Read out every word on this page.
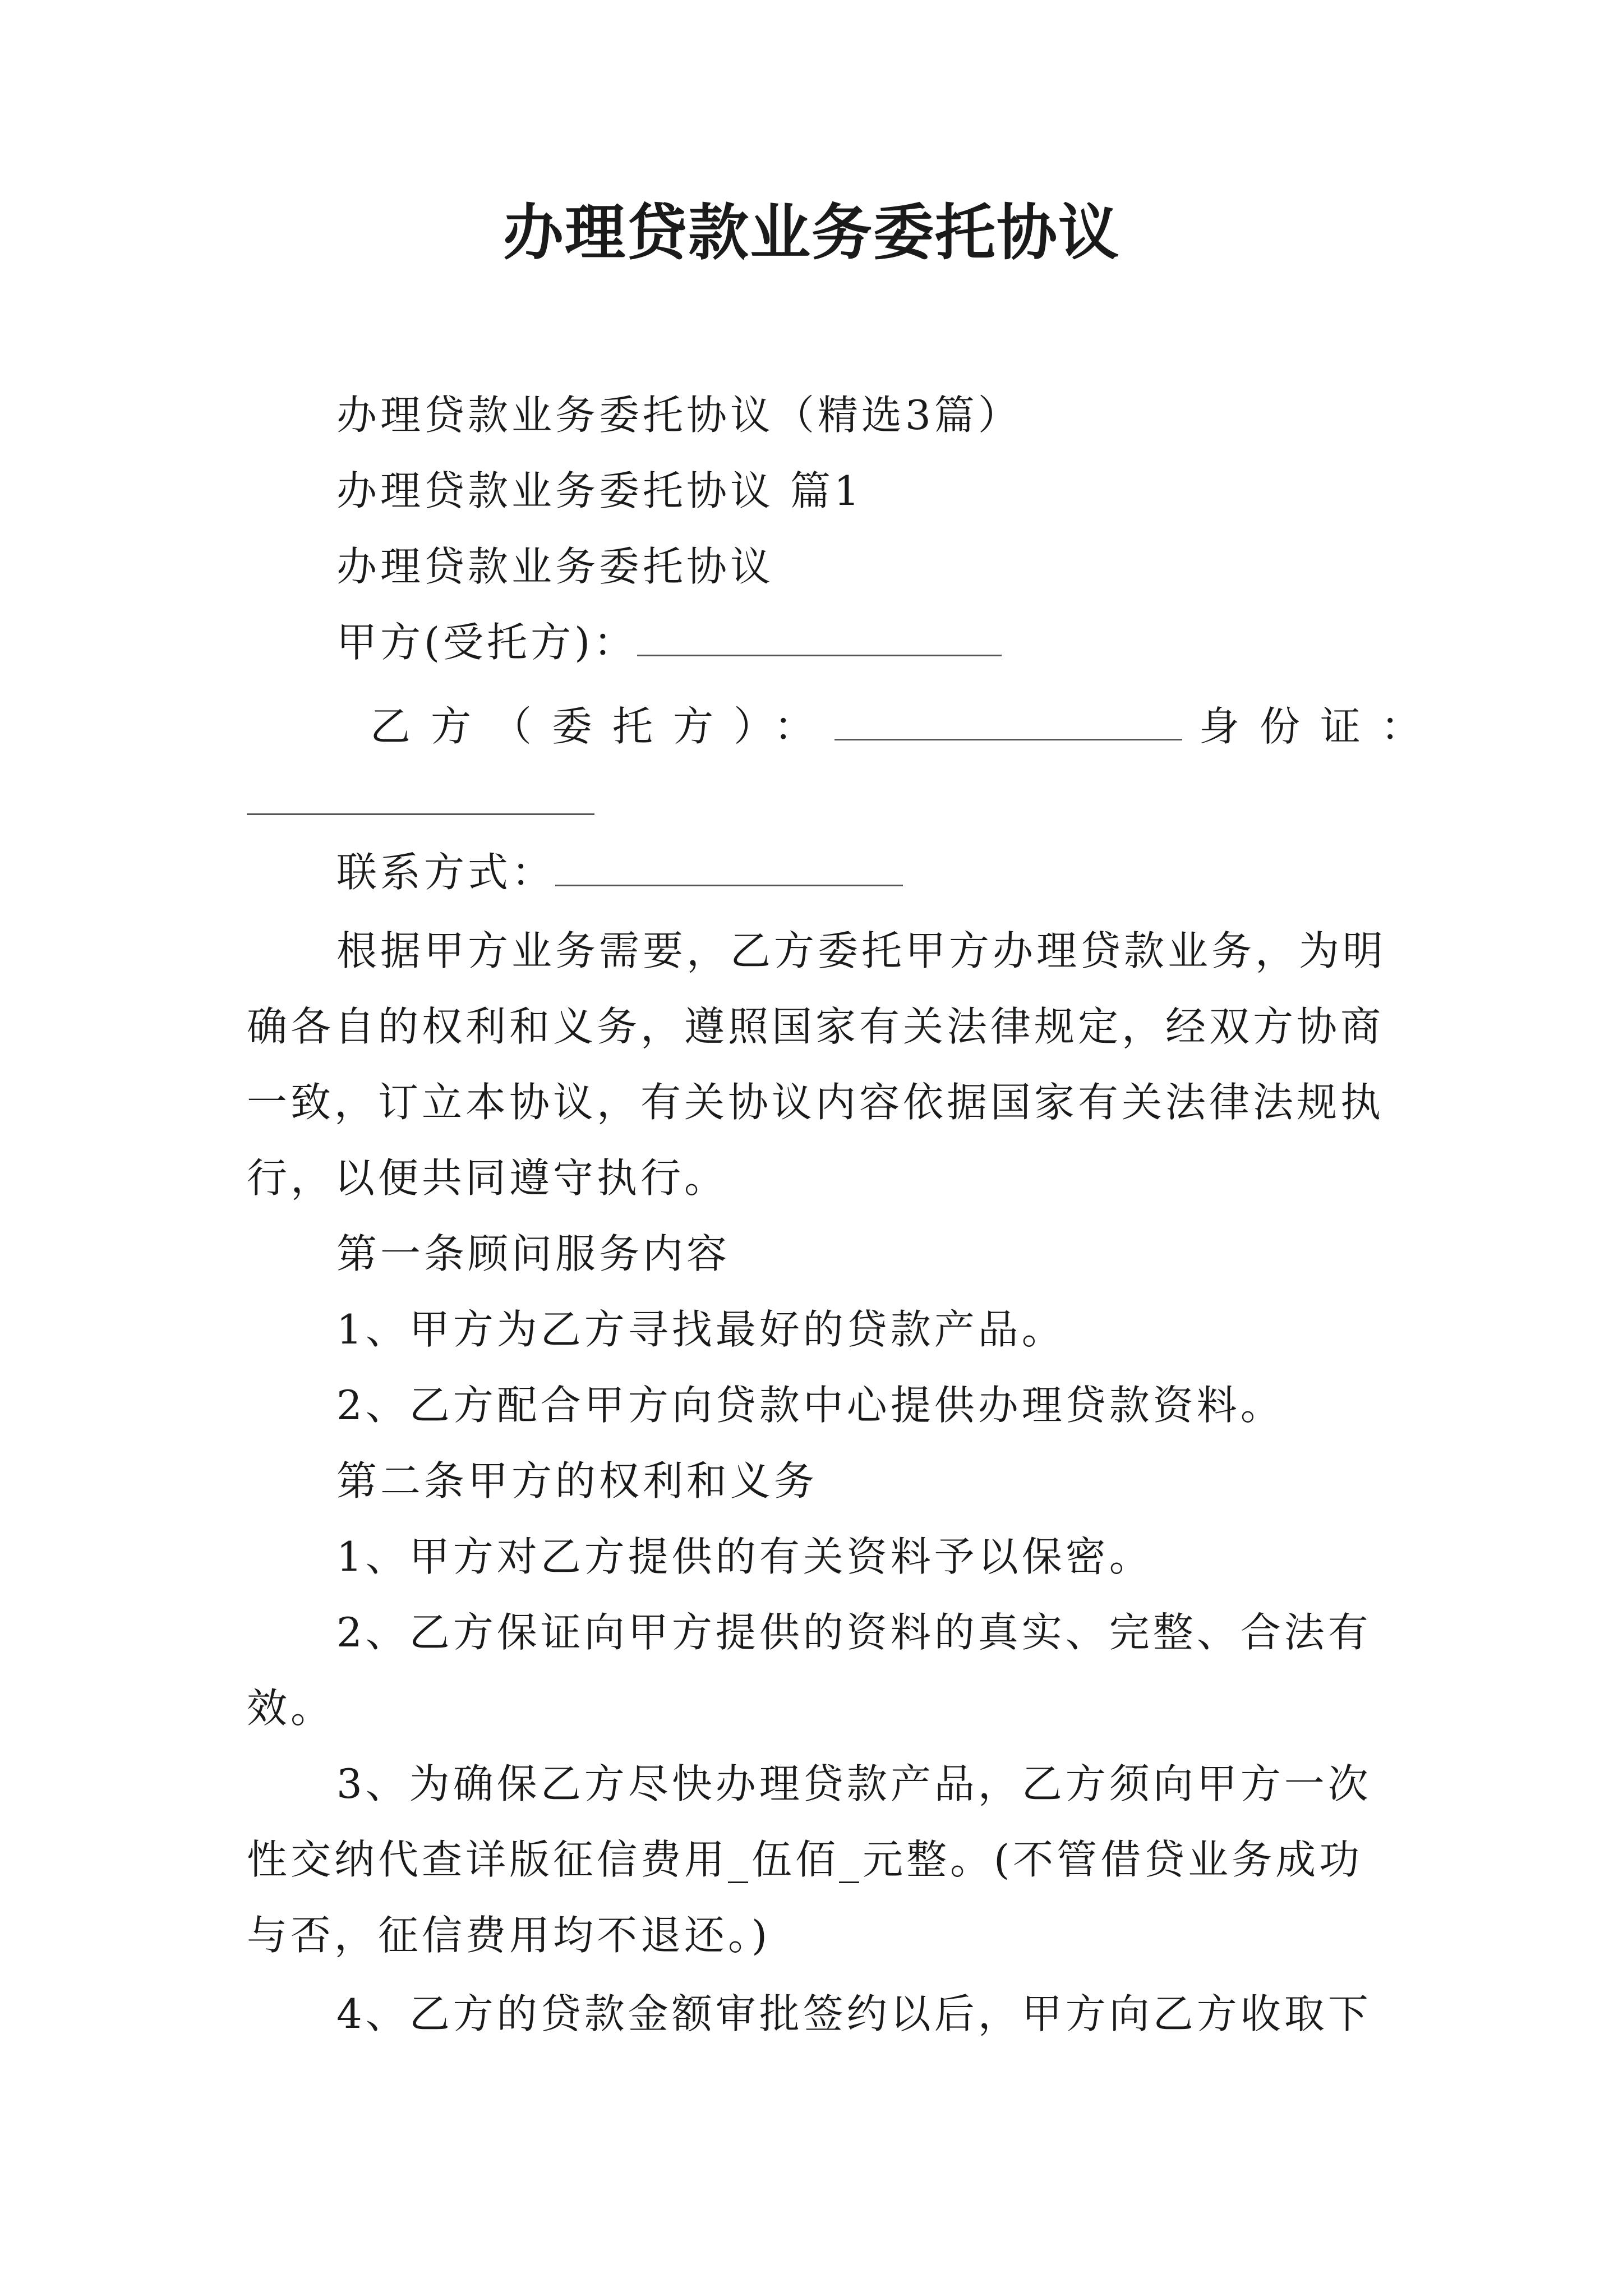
办理贷款业务委托协议
办理贷款业务委托协议（精选3篇）
办理贷款业务委托协议 篇1
办理贷款业务委托协议
甲方(受托方)：
乙方（委托方）：	身份证：
联系方式：
根据甲方业务需要，乙方委托甲方办理贷款业务，为明
确各自的权利和义务，遵照国家有关法律规定，经双方协商
一致，订立本协议，有关协议内容依据国家有关法律法规执
行，以便共同遵守执行。
第一条顾问服务内容
1、甲方为乙方寻找最好的贷款产品。
2、乙方配合甲方向贷款中心提供办理贷款资料。
第二条甲方的权利和义务
1、甲方对乙方提供的有关资料予以保密。
2、乙方保证向甲方提供的资料的真实、完整、合法有
效。
3、为确保乙方尽快办理贷款产品，乙方须向甲方一次
性交纳代查详版征信费用_伍佰_元整。(不管借贷业务成功
与否，征信费用均不退还。)
4、乙方的贷款金额审批签约以后，甲方向乙方收取下
